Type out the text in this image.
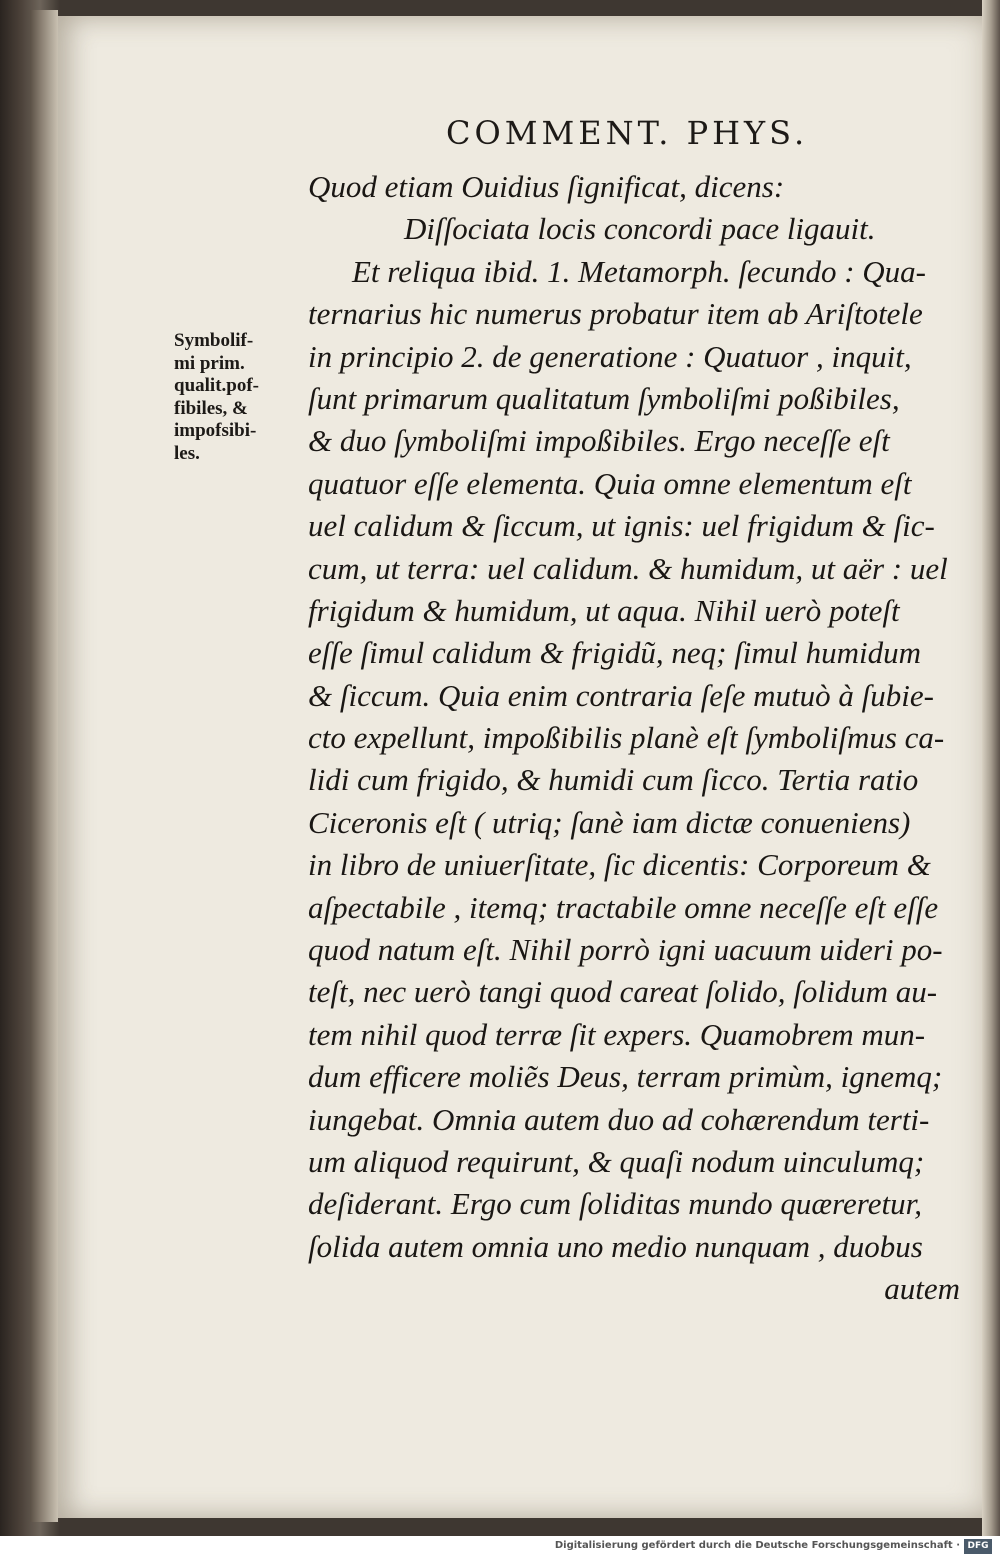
COMMENT. PHYS.
Symbolif-
mi prim.
qualit.pof-
fibiles, &
impofsibi-
les.
Quod etiam Ouidius ſignificat, dicens:
Diſſociata locis concordi pace ligauit.
Et reliqua ibid. 1. Metamorph. ſecundo : Qua-
ternarius hic numerus probatur item ab Ariſtotele
in principio 2. de generatione : Quatuor , inquit,
ſunt primarum qualitatum ſymboliſmi poßibiles,
& duo ſymboliſmi impoßibiles. Ergo neceſſe eſt
quatuor eſſe elementa. Quia omne elementum eſt
uel calidum & ſiccum, ut ignis: uel frigidum & ſic-
cum, ut terra: uel calidum. & humidum, ut aër : uel
frigidum & humidum, ut aqua. Nihil uerò poteſt
eſſe ſimul calidum & frigidũ, neq; ſimul humidum
& ſiccum. Quia enim contraria ſeſe mutuò à ſubie-
cto expellunt, impoßibilis planè eſt ſymboliſmus ca-
lidi cum frigido, & humidi cum ſicco. Tertia ratio
Ciceronis eſt ( utriq; ſanè iam dictæ conueniens)
in libro de uniuerſitate, ſic dicentis: Corporeum &
aſpectabile , itemq; tractabile omne neceſſe eſt eſſe
quod natum eſt. Nihil porrò igni uacuum uideri po-
teſt, nec uerò tangi quod careat ſolido, ſolidum au-
tem nihil quod terræ ſit expers. Quamobrem mun-
dum efficere moliẽs Deus, terram primùm, ignemq;
iungebat. Omnia autem duo ad cohærendum terti-
um aliquod requirunt, & quaſi nodum uinculumq;
deſiderant. Ergo cum ſoliditas mundo quæreretur,
ſolida autem omnia uno medio nunquam , duobus
autem
Digitalisierung gefördert durch die Deutsche Forschungsgemeinschaft · DFG
